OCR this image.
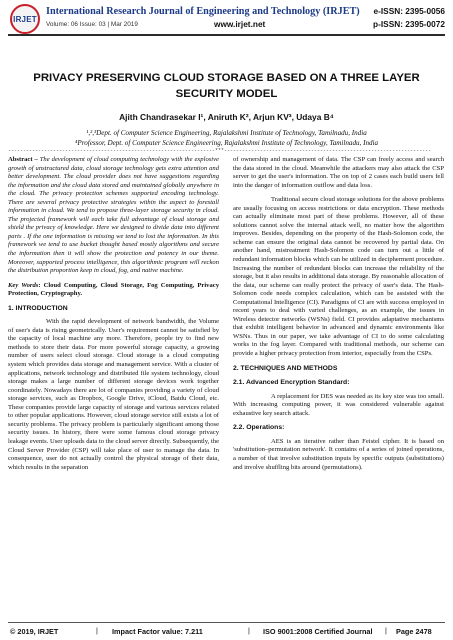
IRJET
International Research Journal of Engineering and Technology (IRJET)
Volume: 06 Issue: 03 | Mar 2019	www.irjet.net
e-ISSN: 2395-0056
p-ISSN: 2395-0072
PRIVACY PRESERVING CLOUD STORAGE BASED ON A THREE LAYER SECURITY MODEL
Ajith Chandrasekar I¹, Aniruth K², Arjun KV³, Udaya B⁴
¹,²,³Dept. of Computer Science Engineering, Rajalakshmi Institute of Technology, Tamilnadu, India
⁴Professor, Dept. of Computer Science Engineering, Rajalakshmi Institute of Technology, Tamilnadu, India
---------------------------------------------------------------------***---------------------------------------------------------------------
Abstract – The development of cloud computing technology with the explosive growth of unstructured data, cloud storage technology gets extra attention and better development. The cloud provider does not have suggestions regarding the information and the cloud data stored and maintained globally anywhere in the cloud. The privacy protection schemes supported encoding technology. There are several privacy protective strategies within the aspect to forestall information in cloud. We tend to propose three-layer storage security in cloud. The projected framework will each take full advantage of cloud storage and shield the privacy of knowledge. Here we designed to divide data into different parts . If the one information is missing we tend to lost the information. In this framework we tend to use bucket thought based mostly algorithms and secure the information then it will show the protection and potency in our theme. Moreover, supported process intelligence, this algorithmic program will reckon the distribution proportion keep in cloud, fog, and native machine.
Key Words: Cloud Computing, Cloud Storage, Fog Computing, Privacy Protection, Cryptography.
1. INTRODUCTION
With the rapid development of network bandwidth, the Volume of user's data is rising geometrically. User's requirement cannot be satisfied by the capacity of local machine any more. Therefore, people try to find new methods to store their data. For more powerful storage capacity, a growing number of users select cloud storage. Cloud storage is a cloud computing system which provides data storage and management service. With a cluster of applications, network technology and distributed file system technology, cloud storage makes a large number of different storage devices work together coordinately. Nowadays there are lot of companies providing a variety of cloud storage services, such as Dropbox, Google Drive, iCloud, Baidu Cloud, etc. These companies provide large capacity of storage and various services related to other popular applications. However, cloud storage service still exists a lot of security problems. The privacy problem is particularly significant among those security issues. In history, there were some famous cloud storage privacy leakage events. User uploads data to the cloud server directly. Subsequently, the Cloud Server Provider (CSP) will take place of user to manage the data. In consequence, user do not actually control the physical storage of their data, which results in the separation
of ownership and management of data. The CSP can freely access and search the data stored in the cloud. Meanwhile the attackers may also attack the CSP server to get the user's information. The on top of 2 cases each build users fell into the danger of information outflow and data loss.
Traditional secure cloud storage solutions for the above problems are usually focusing on access restrictions or data encryption. These methods can actually eliminate most part of these problems. However, all of these solutions cannot solve the internal attack well, no matter how the algorithm improves. Besides, depending on the property of the Hash-Solomon code, the scheme can ensure the original data cannot be recovered by partial data. On another hand, mistreatment Hash-Solomon code can turn out a little of redundant information blocks which can be utilized in decipherment procedure. Increasing the number of redundant blocks can increase the reliability of the storage, but it also results in additional data storage. By reasonable allocation of the data, our scheme can really protect the privacy of user's data. The Hash-Solomon code needs complex calculation, which can be assisted with the Computational Intelligence (CI). Paradigms of CI are with success employed in recent years to deal with varied challenges, as an example, the issues in Wireless detector networks (WSNs) field. CI provides adaptative mechanisms that exhibit intelligent behavior in advanced and dynamic environments like WSNs. Thus in our paper, we take advantage of CI to do some calculating works in the fog layer. Compared with traditional methods, our scheme can provide a higher privacy protection from interior, especially from the CSPs.
2. TECHNIQUES AND METHODS
2.1. Advanced Encryption Standard:
A replacement for DES was needed as its key size was too small. With increasing computing power, it was considered vulnerable against exhaustive key search attack.
2.2. Operations:
AES is an iterative rather than Feistel cipher. It is based on 'substitution–permutation network'. It contains of a series of joined operations, a number of that involve substitution inputs by specific outputs (substitutions) and involve shuffling bits around (permutations).
© 2019, IRJET	| Impact Factor value: 7.211	| ISO 9001:2008 Certified Journal | Page 2478
